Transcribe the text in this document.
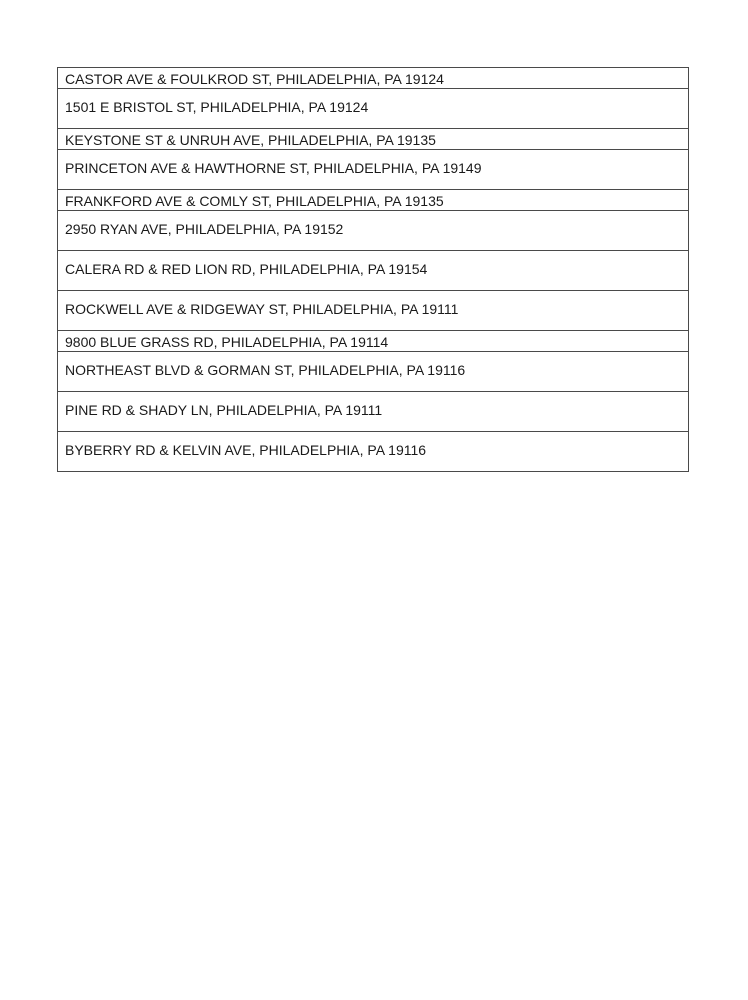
CASTOR AVE & FOULKROD ST, PHILADELPHIA, PA 19124

1501 E BRISTOL ST, PHILADELPHIA, PA 19124

KEYSTONE ST & UNRUH AVE, PHILADELPHIA, PA 19135

PRINCETON AVE & HAWTHORNE ST, PHILADELPHIA, PA 19149

FRANKFORD AVE & COMLY ST, PHILADELPHIA, PA 19135

2950 RYAN AVE, PHILADELPHIA, PA 19152

CALERA RD & RED LION RD, PHILADELPHIA, PA 19154

ROCKWELL AVE & RIDGEWAY ST, PHILADELPHIA, PA 19111

9800 BLUE GRASS RD, PHILADELPHIA, PA 19114

NORTHEAST BLVD & GORMAN ST, PHILADELPHIA, PA 19116

PINE RD & SHADY LN, PHILADELPHIA, PA 19111

BYBERRY RD & KELVIN AVE, PHILADELPHIA, PA 19116
